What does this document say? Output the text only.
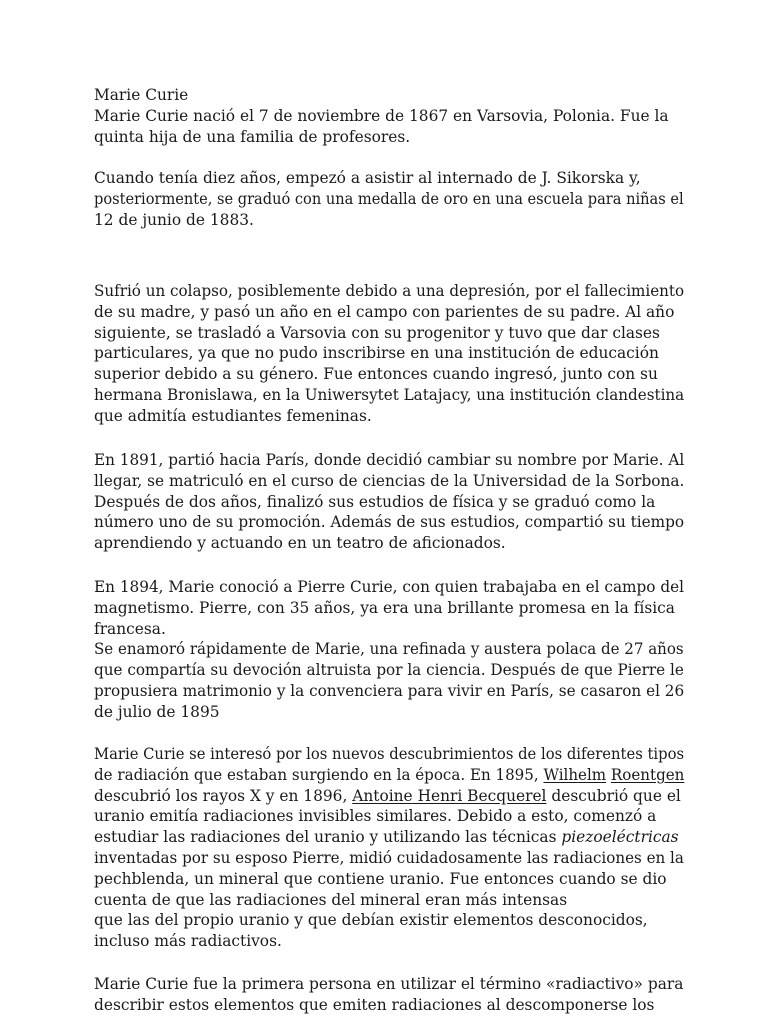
Marie Curie
Marie Curie nació el 7 de noviembre de 1867 en Varsovia, Polonia. Fue la
quinta hija de una familia de profesores.
Cuando tenía diez años, empezó a asistir al internado de J. Sikorska y,
posteriormente, se graduó con una medalla de oro en una escuela para niñas el
12 de junio de 1883.
Sufrió un colapso, posiblemente debido a una depresión, por el fallecimiento
de su madre, y pasó un año en el campo con parientes de su padre. Al año
siguiente, se trasladó a Varsovia con su progenitor y tuvo que dar clases
particulares, ya que no pudo inscribirse en una institución de educación
superior debido a su género. Fue entonces cuando ingresó, junto con su
hermana Bronislawa, en la Uniwersytet Latajacy, una institución clandestina
que admitía estudiantes femeninas.
En 1891, partió hacia París, donde decidió cambiar su nombre por Marie. Al
llegar, se matriculó en el curso de ciencias de la Universidad de la Sorbona.
Después de dos años, finalizó sus estudios de física y se graduó como la
número uno de su promoción. Además de sus estudios, compartió su tiempo
aprendiendo y actuando en un teatro de aficionados.
En 1894, Marie conoció a Pierre Curie, con quien trabajaba en el campo del
magnetismo. Pierre, con 35 años, ya era una brillante promesa en la física
francesa.
Se enamoró rápidamente de Marie, una refinada y austera polaca de 27 años
que compartía su devoción altruista por la ciencia. Después de que Pierre le
propusiera matrimonio y la convenciera para vivir en París, se casaron el 26
de julio de 1895
Marie Curie se interesó por los nuevos descubrimientos de los diferentes tipos
de radiación que estaban surgiendo en la época. En 1895, Wilhelm Roentgen
descubrió los rayos X y en 1896, Antoine Henri Becquerel descubrió que el
uranio emitía radiaciones invisibles similares. Debido a esto, comenzó a
estudiar las radiaciones del uranio y utilizando las técnicas piezoeléctricas
inventadas por su esposo Pierre, midió cuidadosamente las radiaciones en la
pechblenda, un mineral que contiene uranio. Fue entonces cuando se dio
cuenta de que las radiaciones del mineral eran más intensas
que las del propio uranio y que debían existir elementos desconocidos,
incluso más radiactivos.
Marie Curie fue la primera persona en utilizar el término «radiactivo» para
describir estos elementos que emiten radiaciones al descomponerse los
